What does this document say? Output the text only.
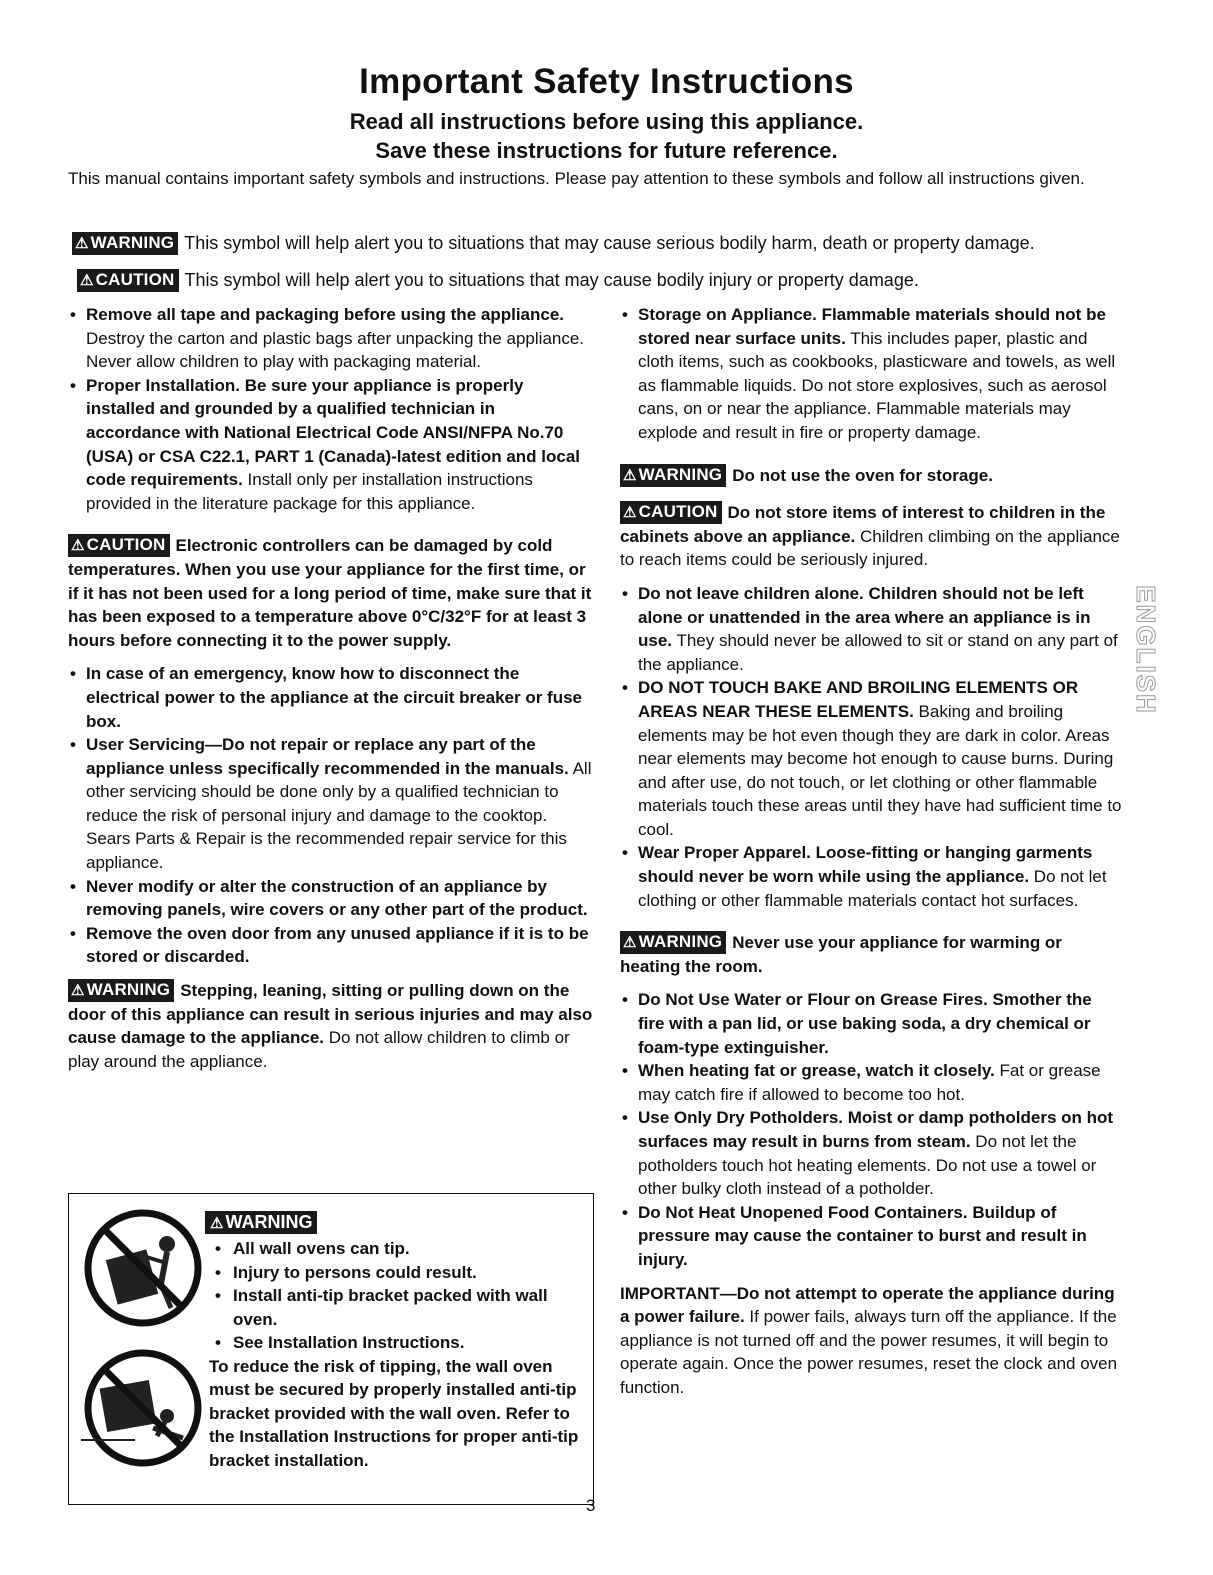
Important Safety Instructions
Read all instructions before using this appliance.
Save these instructions for future reference.
This manual contains important safety symbols and instructions. Please pay attention to these symbols and follow all instructions given.
⚠ WARNING This symbol will help alert you to situations that may cause serious bodily harm, death or property damage.
⚠ CAUTION This symbol will help alert you to situations that may cause bodily injury or property damage.
• Remove all tape and packaging before using the appliance. Destroy the carton and plastic bags after unpacking the appliance. Never allow children to play with packaging material.
• Proper Installation. Be sure your appliance is properly installed and grounded by a qualified technician in accordance with National Electrical Code ANSI/NFPA No.70 (USA) or CSA C22.1, PART 1 (Canada)-latest edition and local code requirements. Install only per installation instructions provided in the literature package for this appliance.

⚠ CAUTION Electronic controllers can be damaged by cold temperatures. When you use your appliance for the first time, or if it has not been used for a long period of time, make sure that it has been exposed to a temperature above 0°C/32°F for at least 3 hours before connecting it to the power supply.

• In case of an emergency, know how to disconnect the electrical power to the appliance at the circuit breaker or fuse box.
• User Servicing—Do not repair or replace any part of the appliance unless specifically recommended in the manuals. All other servicing should be done only by a qualified technician to reduce the risk of personal injury and damage to the cooktop. Sears Parts & Repair is the recommended repair service for this appliance.
• Never modify or alter the construction of an appliance by removing panels, wire covers or any other part of the product.
• Remove the oven door from any unused appliance if it is to be stored or discarded.

⚠ WARNING Stepping, leaning, sitting or pulling down on the door of this appliance can result in serious injuries and may also cause damage to the appliance. Do not allow children to climb or play around the appliance.

⚠ WARNING
• All wall ovens can tip.
• Injury to persons could result.
• Install anti-tip bracket packed with wall oven.
• See Installation Instructions.
To reduce the risk of tipping, the wall oven must be secured by properly installed anti-tip bracket provided with the wall oven. Refer to the Installation Instructions for proper anti-tip bracket installation.
• Storage on Appliance. Flammable materials should not be stored near surface units. This includes paper, plastic and cloth items, such as cookbooks, plasticware and towels, as well as flammable liquids. Do not store explosives, such as aerosol cans, on or near the appliance. Flammable materials may explode and result in fire or property damage.

⚠ WARNING Do not use the oven for storage.

⚠ CAUTION Do not store items of interest to children in the cabinets above an appliance. Children climbing on the appliance to reach items could be seriously injured.

• Do not leave children alone. Children should not be left alone or unattended in the area where an appliance is in use. They should never be allowed to sit or stand on any part of the appliance.
• DO NOT TOUCH BAKE AND BROILING ELEMENTS OR AREAS NEAR THESE ELEMENTS. Baking and broiling elements may be hot even though they are dark in color. Areas near elements may become hot enough to cause burns. During and after use, do not touch, or let clothing or other flammable materials touch these areas until they have had sufficient time to cool.
• Wear Proper Apparel. Loose-fitting or hanging garments should never be worn while using the appliance. Do not let clothing or other flammable materials contact hot surfaces.

⚠ WARNING Never use your appliance for warming or heating the room.

• Do Not Use Water or Flour on Grease Fires. Smother the fire with a pan lid, or use baking soda, a dry chemical or foam-type extinguisher.
• When heating fat or grease, watch it closely. Fat or grease may catch fire if allowed to become too hot.
• Use Only Dry Potholders. Moist or damp potholders on hot surfaces may result in burns from steam. Do not let the potholders touch hot heating elements. Do not use a towel or other bulky cloth instead of a potholder.
• Do Not Heat Unopened Food Containers. Buildup of pressure may cause the container to burst and result in injury.

IMPORTANT—Do not attempt to operate the appliance during a power failure. If power fails, always turn off the appliance. If the appliance is not turned off and the power resumes, it will begin to operate again. Once the power resumes, reset the clock and oven function.

ENGLISH
3
